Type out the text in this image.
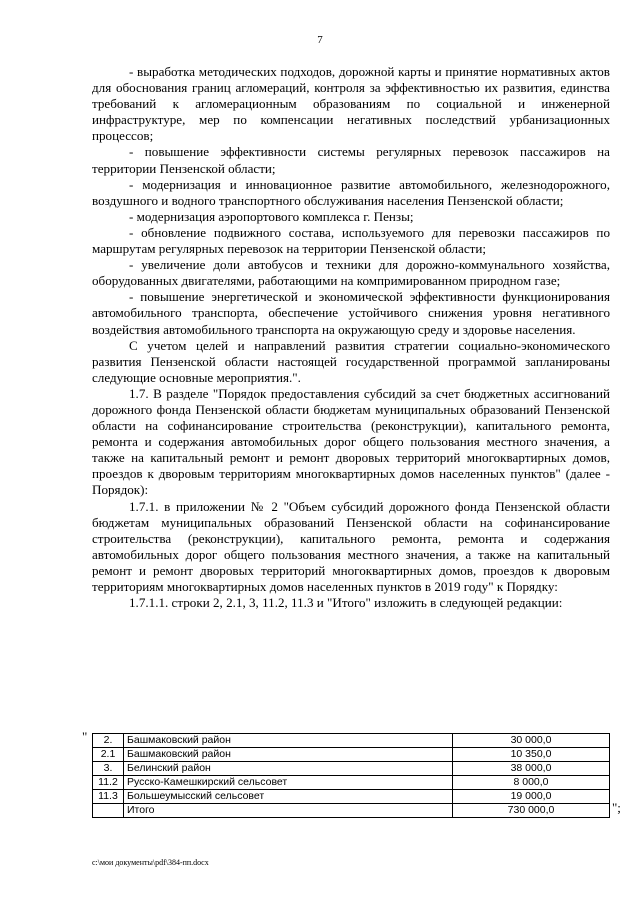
7

- выработка методических подходов, дорожной карты и принятие нормативных актов для обоснования границ агломераций, контроля за эффективностью их развития, единства требований к агломерационным образованиям по социальной и инженерной инфраструктуре, мер по компенсации негативных последствий урбанизационных процессов;

- повышение эффективности системы регулярных перевозок пассажиров на территории Пензенской области;

- модернизация и инновационное развитие автомобильного, железнодорожного, воздушного и водного транспортного обслуживания населения Пензенской области;

- модернизация аэропортового комплекса г. Пензы;

- обновление подвижного состава, используемого для перевозки пассажиров по маршрутам регулярных перевозок на территории Пензенской области;

- увеличение доли автобусов и техники для дорожно-коммунального хозяйства, оборудованных двигателями, работающими на компримированном природном газе;

- повышение энергетической и экономической эффективности функционирования автомобильного транспорта, обеспечение устойчивого снижения уровня негативного воздействия автомобильного транспорта на окружающую среду и здоровье населения.

С учетом целей и направлений развития стратегии социально-экономического развития Пензенской области настоящей государственной программой запланированы следующие основные мероприятия.".

1.7. В разделе "Порядок предоставления субсидий за счет бюджетных ассигнований дорожного фонда Пензенской области бюджетам муниципальных образований Пензенской области на софинансирование строительства (реконструкции), капитального ремонта, ремонта и содержания автомобильных дорог общего пользования местного значения, а также на капитальный ремонт и ремонт дворовых территорий многоквартирных домов, проездов к дворовым территориям многоквартирных домов населенных пунктов" (далее - Порядок):

1.7.1. в приложении № 2 "Объем субсидий дорожного фонда Пензенской области бюджетам муниципальных образований Пензенской области на софинансирование строительства (реконструкции), капитального ремонта, ремонта и содержания автомобильных дорог общего пользования местного значения, а также на капитальный ремонт и ремонт дворовых территорий многоквартирных домов, проездов к дворовым территориям многоквартирных домов населенных пунктов в 2019 году" к Порядку:

1.7.1.1. строки 2, 2.1, 3, 11.2, 11.3 и "Итого" изложить в следующей редакции:

" 2.	Башмаковский район	30 000,0
2.1	Башмаковский район	10 350,0
3.	Белинский район	38 000,0
11.2	Русско-Камешкирский сельсовет	8 000,0
11.3	Большеумысский сельсовет	19 000,0
	Итого	730 000,0	";
c:\мои документы\pdf\384-пп.docx
